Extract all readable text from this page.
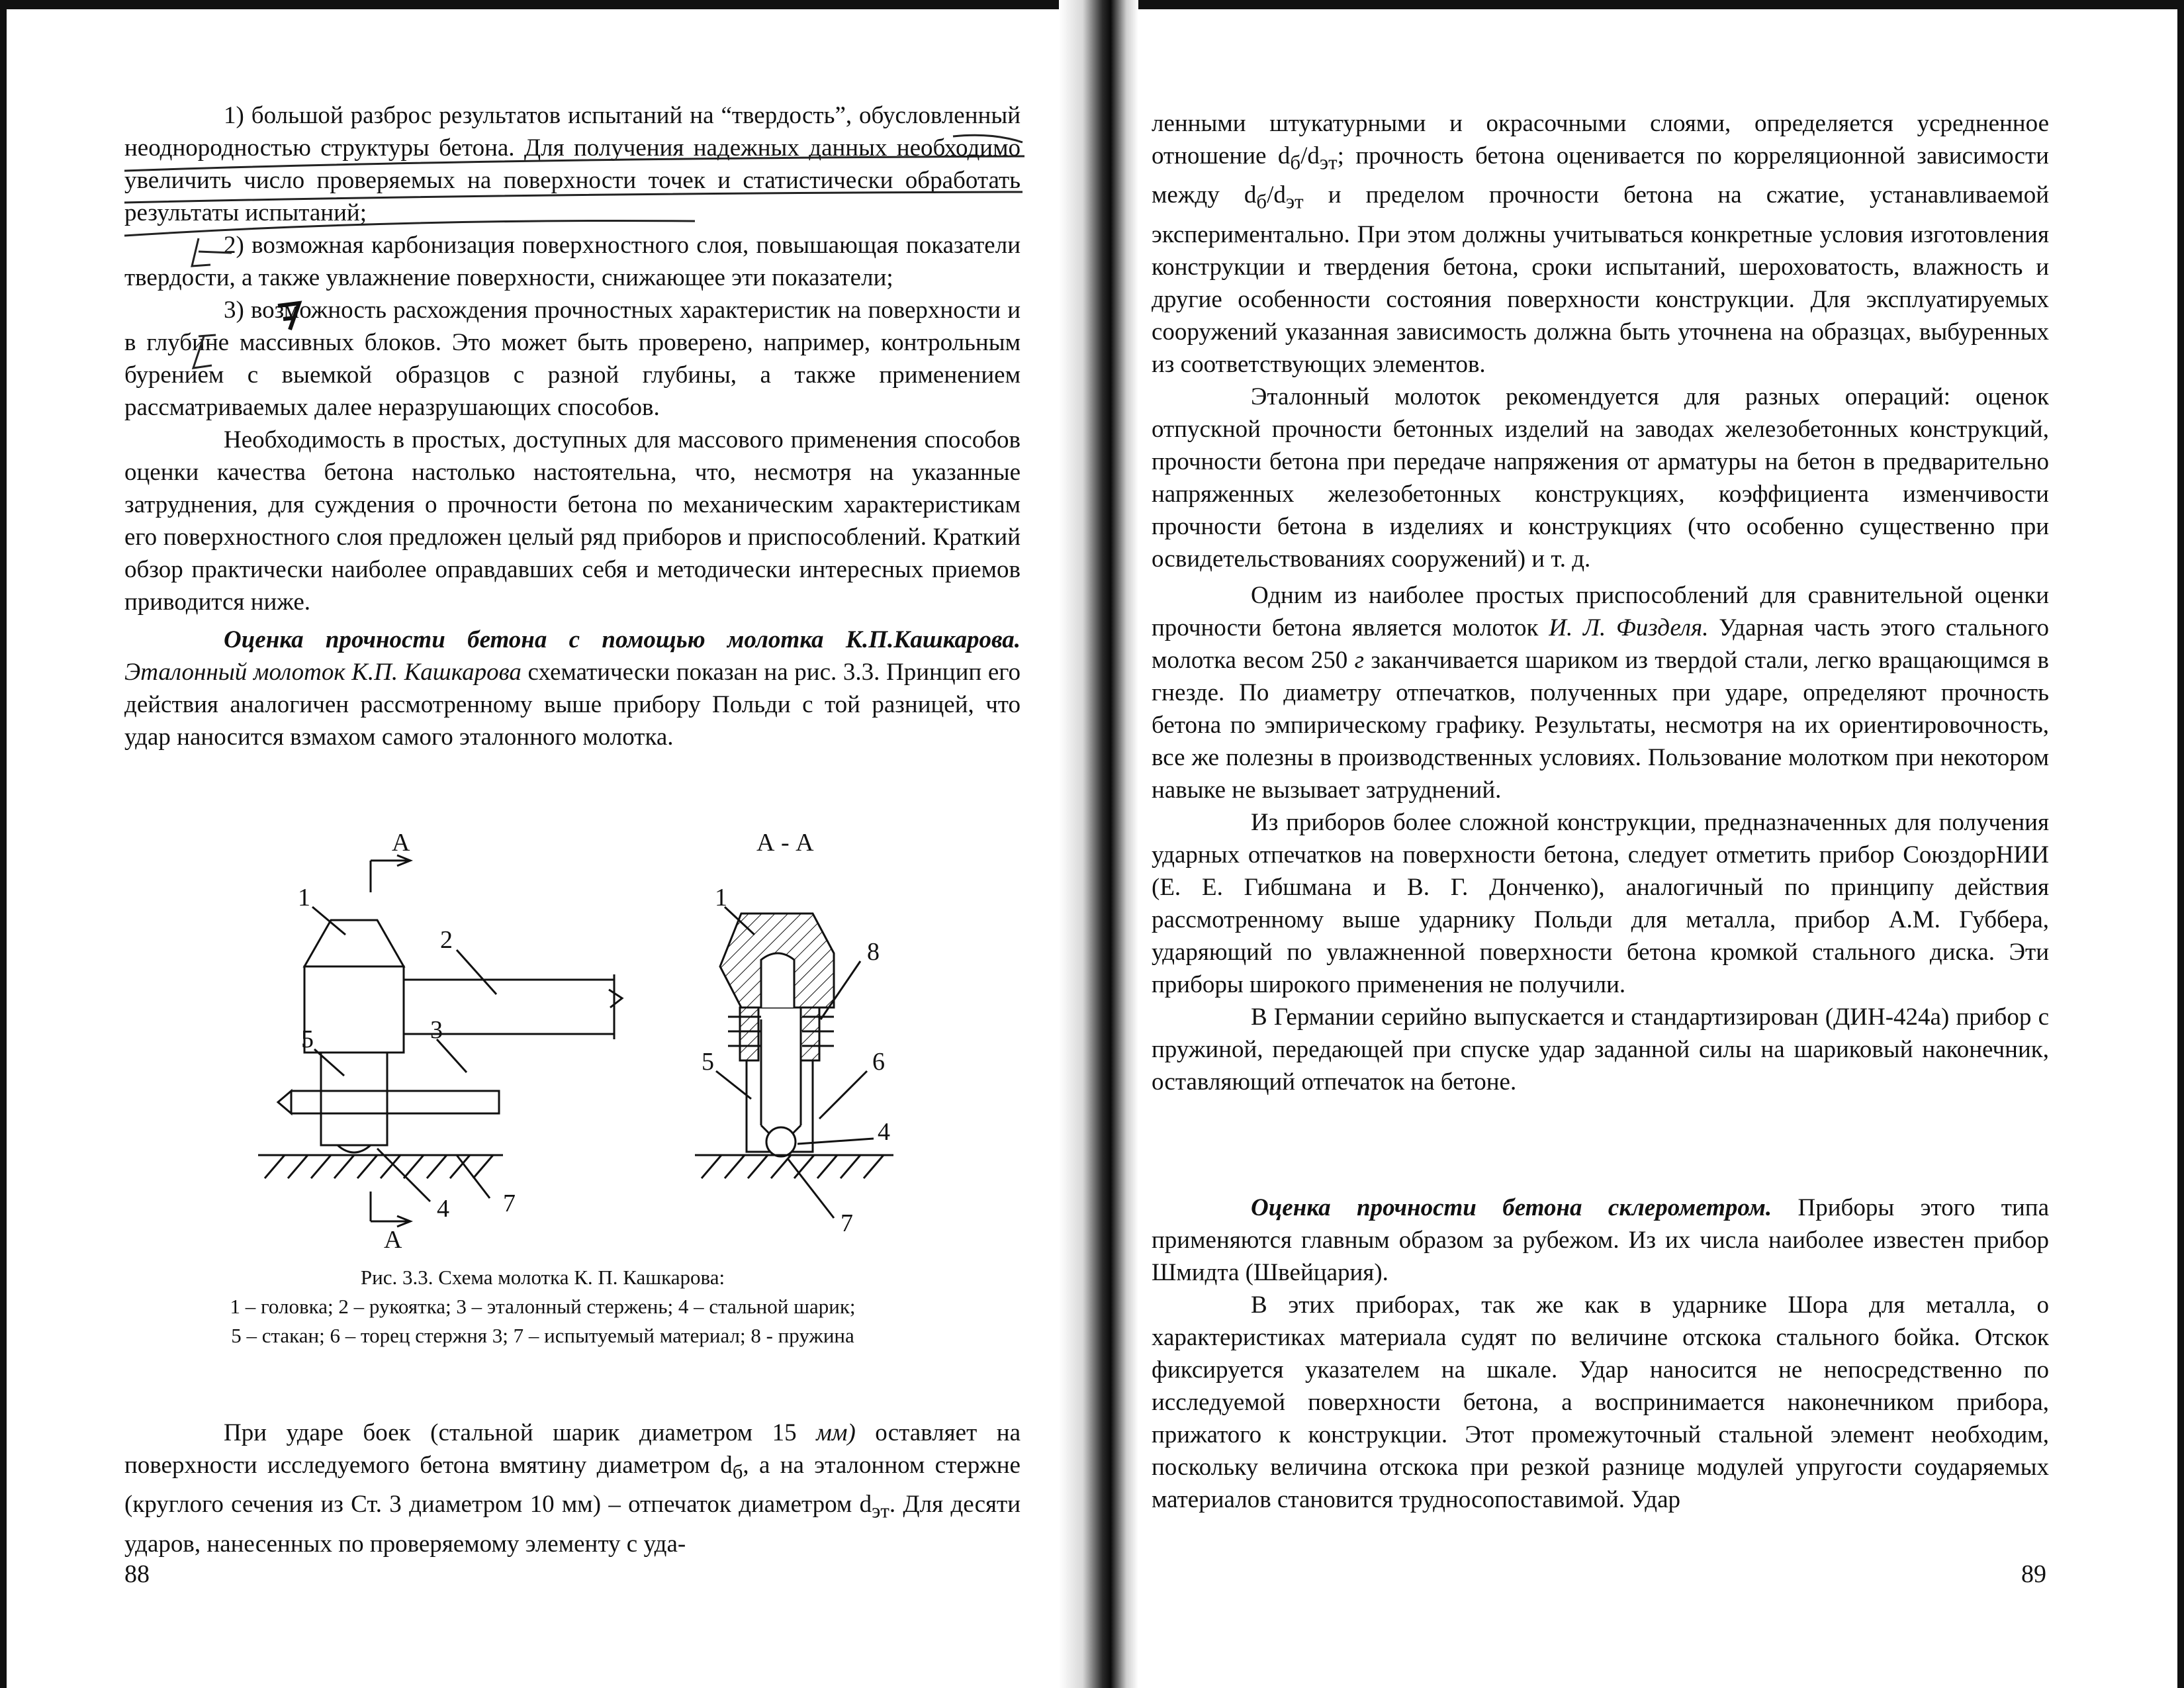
1) большой разброс результатов испытаний на “твердость”, обусловленный неоднородностью структуры бетона. Для получения надежных данных необходимо увеличить число проверяемых на поверхности точек и статистически обработать результаты испытаний;

2) возможная карбонизация поверхностного слоя, повышающая показатели твердости, а также увлажнение поверхности, снижающее эти показатели;

3) возможность расхождения прочностных характеристик на поверхности и в глубине массивных блоков. Это может быть проверено, например, контрольным бурением с выемкой образцов с разной глубины, а также применением рассматриваемых далее неразрушающих способов.

Необходимость в простых, доступных для массового применения способов оценки качества бетона настолько настоятельна, что, несмотря на указанные затруднения, для суждения о прочности бетона по механическим характеристикам его поверхностного слоя предложен целый ряд приборов и приспособлений. Краткий обзор практически наиболее оправдавших себя и методически интересных приемов приводится ниже.

Оценка прочности бетона с помощью молотка К.П.Кашкарова. Эталонный молоток К.П. Кашкарова схематически показан на рис. 3.3. Принцип его действия аналогичен рассмотренному выше прибору Польди с той разницей, что удар наносится взмахом самого эталонного молотка.

А
А
А - А
1
2
3
4
5
7
1
8
5	6
4
7
Рис. 3.3. Схема молотка К. П. Кашкарова:
1 – головка; 2 – рукоятка; 3 – эталонный стержень; 4 – стальной шарик;
5 – стакан; 6 – торец стержня 3; 7 – испытуемый материал; 8 - пружина

При ударе боек (стальной шарик диаметром 15 мм) оставляет на поверхности исследуемого бетона вмятину диаметром $d_б$, а на эталонном стержне (круглого сечения из Ст. 3 диаметром 10 мм) – отпечаток диаметром $d_{эт}$. Для десяти ударов, нанесенных по проверяемому элементу с уда-

88

ленными штукатурными и окрасочными слоями, определяется усредненное отношение $d_б/d_{эт}$; прочность бетона оценивается по корреляционной зависимости между $d_б/d_{эт}$ и пределом прочности бетона на сжатие, устанавливаемой экспериментально. При этом должны учитываться конкретные условия изготовления конструкции и твердения бетона, сроки испытаний, шероховатость, влажность и другие особенности состояния поверхности конструкции. Для эксплуатируемых сооружений указанная зависимость должна быть уточнена на образцах, выбуренных из соответствующих элементов.

Эталонный молоток рекомендуется для разных операций: оценок отпускной прочности бетонных изделий на заводах железобетонных конструкций, прочности бетона при передаче напряжения от арматуры на бетон в предварительно напряженных железобетонных конструкциях, коэффициента изменчивости прочности бетона в изделиях и конструкциях (что особенно существенно при освидетельствованиях сооружений) и т. д.

Одним из наиболее простых приспособлений для сравнительной оценки прочности бетона является молоток И. Л. Физделя. Ударная часть этого стального молотка весом 250 г заканчивается шариком из твердой стали, легко вращающимся в гнезде. По диаметру отпечатков, полученных при ударе, определяют прочность бетона по эмпирическому графику. Результаты, несмотря на их ориентировочность, все же полезны в производственных условиях. Пользование молотком при некотором навыке не вызывает затруднений.

Из приборов более сложной конструкции, предназначенных для получения ударных отпечатков на поверхности бетона, следует отметить прибор СоюздорНИИ (Е. Е. Гибшмана и В. Г. Донченко), аналогичный по принципу действия рассмотренному выше ударнику Польди для металла, прибор А.М. Губбера, ударяющий по увлажненной поверхности бетона кромкой стального диска. Эти приборы широкого применения не получили.

В Германии серийно выпускается и стандартизирован (ДИН-424а) прибор с пружиной, передающей при спуске удар заданной силы на шариковый наконечник, оставляющий отпечаток на бетоне.

Оценка прочности бетона склерометром. Приборы этого типа применяются главным образом за рубежом. Из их числа наиболее известен прибор Шмидта (Швейцария).

В этих приборах, так же как в ударнике Шора для металла, о характеристиках материала судят по величине отскока стального бойка. Отскок фиксируется указателем на шкале. Удар наносится не непосредственно по исследуемой поверхности бетона, а воспринимается наконечником прибора, прижатого к конструкции. Этот промежуточный стальной элемент необходим, поскольку величина отскока при резкой разнице модулей упругости соударяемых материалов становится трудносопоставимой. Удар

89
